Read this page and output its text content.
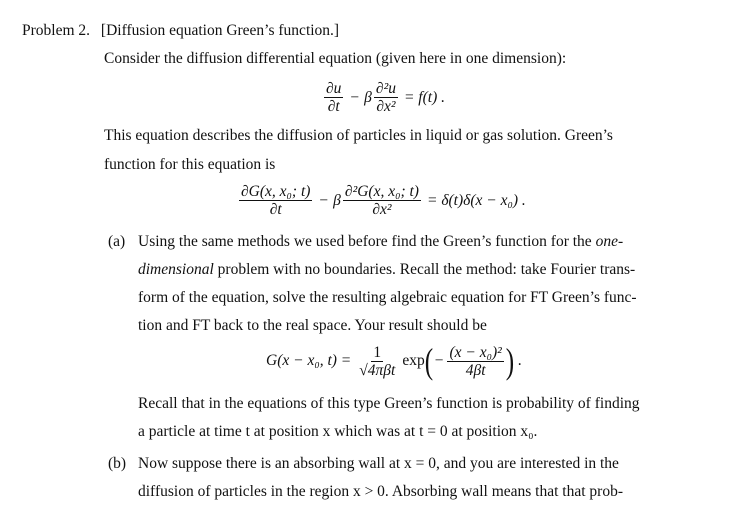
Problem 2. [Diffusion equation Green’s function.]
Consider the diffusion differential equation (given here in one dimension):
$\frac{\partial u}{\partial t} - \beta \frac{\text{∂²u}}{\text{∂x²}} = f(t)$ .
This equation describes the diffusion of particles in liquid or gas solution. Green’s
function for this equation is
$\frac{\text{∂G(x, x₀; t)}}{\partial t} - \beta \frac{\text{∂²G(x, x₀; t)}}{\text{∂x²}} = \delta(t)\delta(x - x_0)$ .
(a) Using the same methods we used before find the Green’s function for the one-
dimensional problem with no boundaries. Recall the method: take Fourier trans-
form of the equation, solve the resulting algebraic equation for FT Green’s func-
tion and FT back to the real space. Your result should be
G(x − x₀, $t) = \frac{1}{\text{√4πβt}}$ exp ( − $\frac{\text{(x − x₀)²}}{4\beta t}$ ) .
Recall that in the equations of this type Green’s function is probability of finding
a particle at time t at position x which was at t = 0 at position x₀.
(b) Now suppose there is an absorbing wall at x = 0, and you are interested in the
diffusion of particles in the region x > 0. Absorbing wall means that that prob-
